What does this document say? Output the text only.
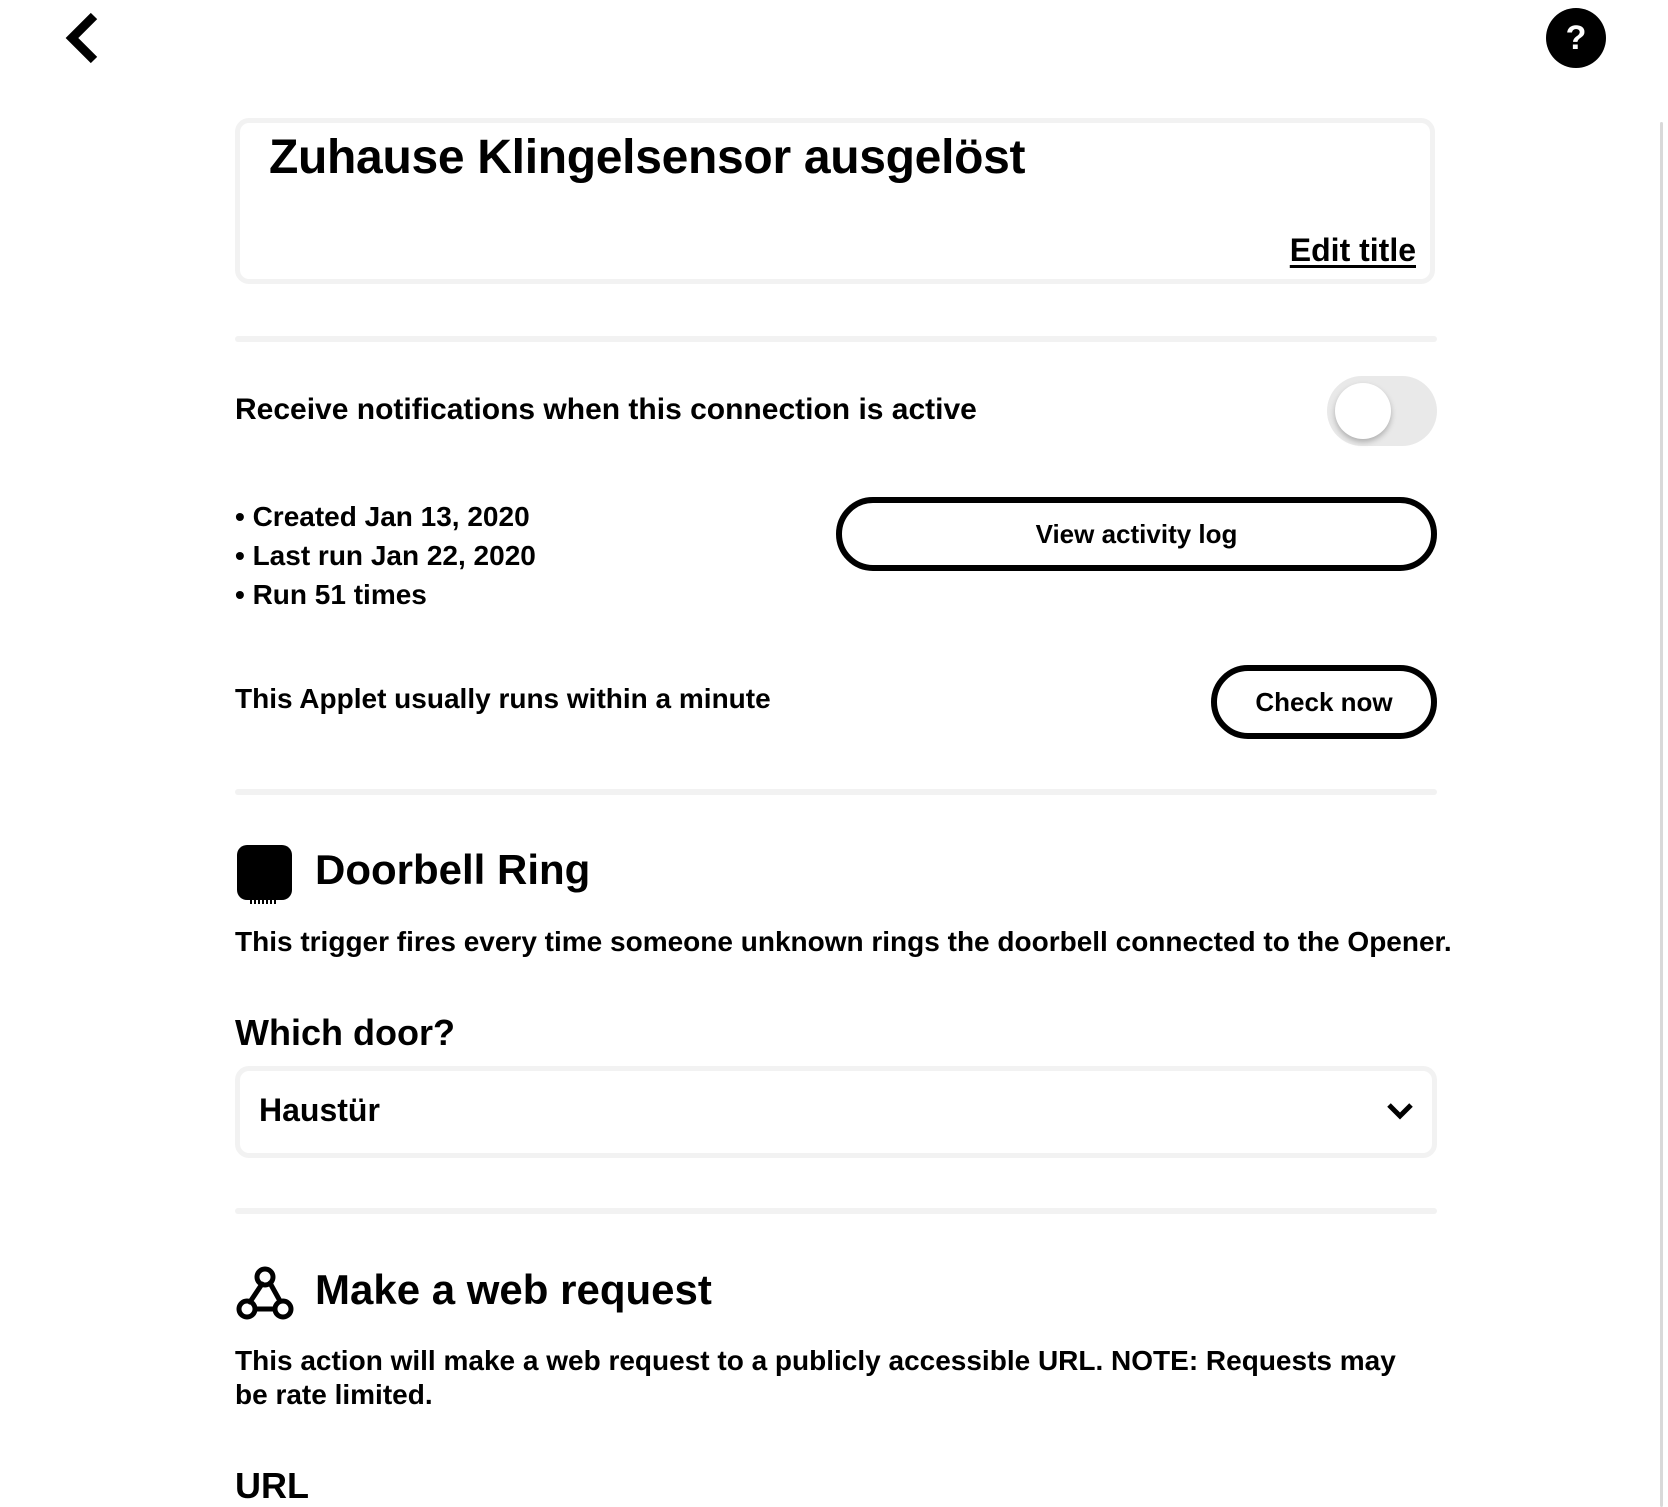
?
Zuhause Klingelsensor ausgelöst
Edit title
Receive notifications when this connection is active
• Created Jan 13, 2020
• Last run Jan 22, 2020
• Run 51 times
View activity log
This Applet usually runs within a minute	Check now
Doorbell Ring
This trigger fires every time someone unknown rings the doorbell connected to the Opener.
Which door?
Haustür
Make a web request
This action will make a web request to a publicly accessible URL. NOTE: Requests may be rate limited.
URL
